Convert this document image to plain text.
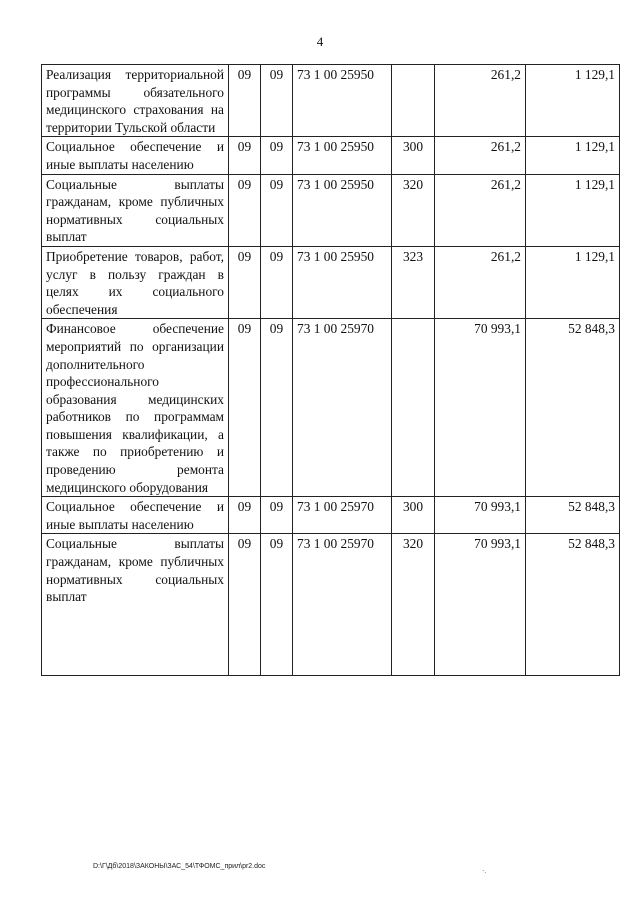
4
Реализация территориальной программы обязательного медицинского страхования на территории Тульской области	09	09	73 1 00 25950		261,2	1 129,1
Социальное обеспечение и иные выплаты населению	09	09	73 1 00 25950	300	261,2	1 129,1
Социальные выплаты гражданам, кроме публичных нормативных социальных выплат	09	09	73 1 00 25950	320	261,2	1 129,1
Приобретение товаров, работ, услуг в пользу граждан в целях их социального обеспечения	09	09	73 1 00 25950	323	261,2	1 129,1
Финансовое обеспечение мероприятий по организации дополнительного профессионального образования медицинских работников по программам повышения квалификации, а также по приобретению и проведению ремонта медицинского оборудования	09	09	73 1 00 25970		70 993,1	52 848,3
Социальное обеспечение и иные выплаты населению	09	09	73 1 00 25970	300	70 993,1	52 848,3
Социальные выплаты гражданам, кроме публичных нормативных социальных выплат	09	09	73 1 00 25970	320	70 993,1	52 848,3
D:\Г\Дб\2018\ЗАКОНЫ\ЗАС_54\ТФОМС_прил\pr2.doc
·.
